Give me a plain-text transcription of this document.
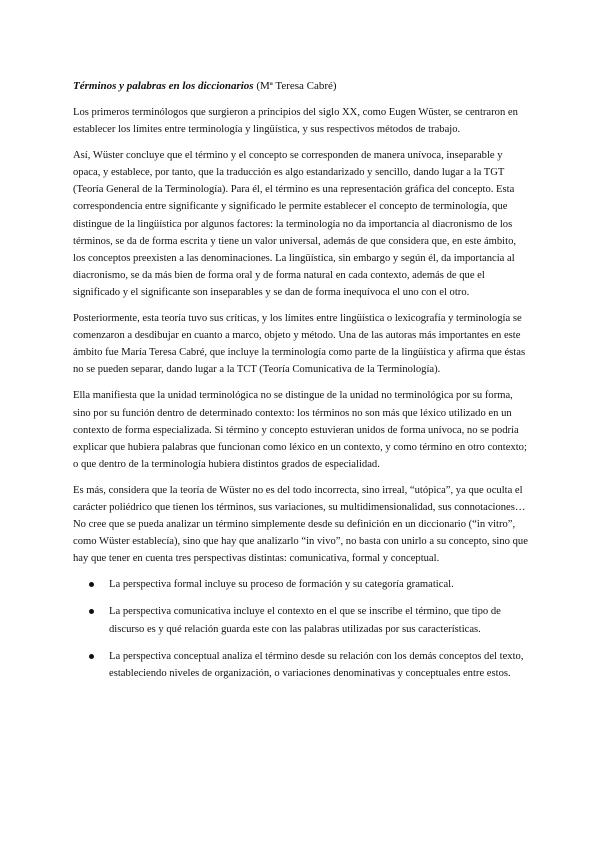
Términos y palabras en los diccionarios (Mª Teresa Cabré)

Los primeros terminólogos que surgieron a principios del siglo XX, como Eugen Wüster, se centraron en establecer los límites entre terminología y lingüística, y sus respectivos métodos de trabajo.

Así, Wüster concluye que el término y el concepto se corresponden de manera unívoca, inseparable y opaca, y establece, por tanto, que la traducción es algo estandarizado y sencillo, dando lugar a la TGT (Teoría General de la Terminología). Para él, el término es una representación gráfica del concepto. Esta correspondencia entre significante y significado le permite establecer el concepto de terminología, que distingue de la lingüística por algunos factores: la terminología no da importancia al diacronismo de los términos, se da de forma escrita y tiene un valor universal, además de que considera que, en este ámbito, los conceptos preexisten a las denominaciones. La lingüística, sin embargo y según él, da importancia al diacronismo, se da más bien de forma oral y de forma natural en cada contexto, además de que el significado y el significante son inseparables y se dan de forma inequívoca el uno con el otro.

Posteriormente, esta teoría tuvo sus críticas, y los límites entre lingüística o lexicografía y terminología se comenzaron a desdibujar en cuanto a marco, objeto y método. Una de las autoras más importantes en este ámbito fue María Teresa Cabré, que incluye la terminología como parte de la lingüística y afirma que éstas no se pueden separar, dando lugar a la TCT (Teoría Comunicativa de la Terminología).

Ella manifiesta que la unidad terminológica no se distingue de la unidad no terminológica por su forma, sino por su función dentro de determinado contexto: los términos no son más que léxico utilizado en un contexto de forma especializada. Si término y concepto estuvieran unidos de forma unívoca, no se podría explicar que hubiera palabras que funcionan como léxico en un contexto, y como término en otro contexto; o que dentro de la terminología hubiera distintos grados de especialidad.

Es más, considera que la teoría de Wüster no es del todo incorrecta, sino irreal, “utópica”, ya que oculta el carácter poliédrico que tienen los términos, sus variaciones, su multidimensionalidad, sus connotaciones… No cree que se pueda analizar un término simplemente desde su definición en un diccionario (“in vitro”, como Wüster establecía), sino que hay que analizarlo “in vivo”, no basta con unirlo a su concepto, sino que hay que tener en cuenta tres perspectivas distintas: comunicativa, formal y conceptual.

La perspectiva formal incluye su proceso de formación y su categoría gramatical.
La perspectiva comunicativa incluye el contexto en el que se inscribe el término, que tipo de discurso es y qué relación guarda este con las palabras utilizadas por sus características.
La perspectiva conceptual analiza el término desde su relación con los demás conceptos del texto, estableciendo niveles de organización, o variaciones denominativas y conceptuales entre estos.
